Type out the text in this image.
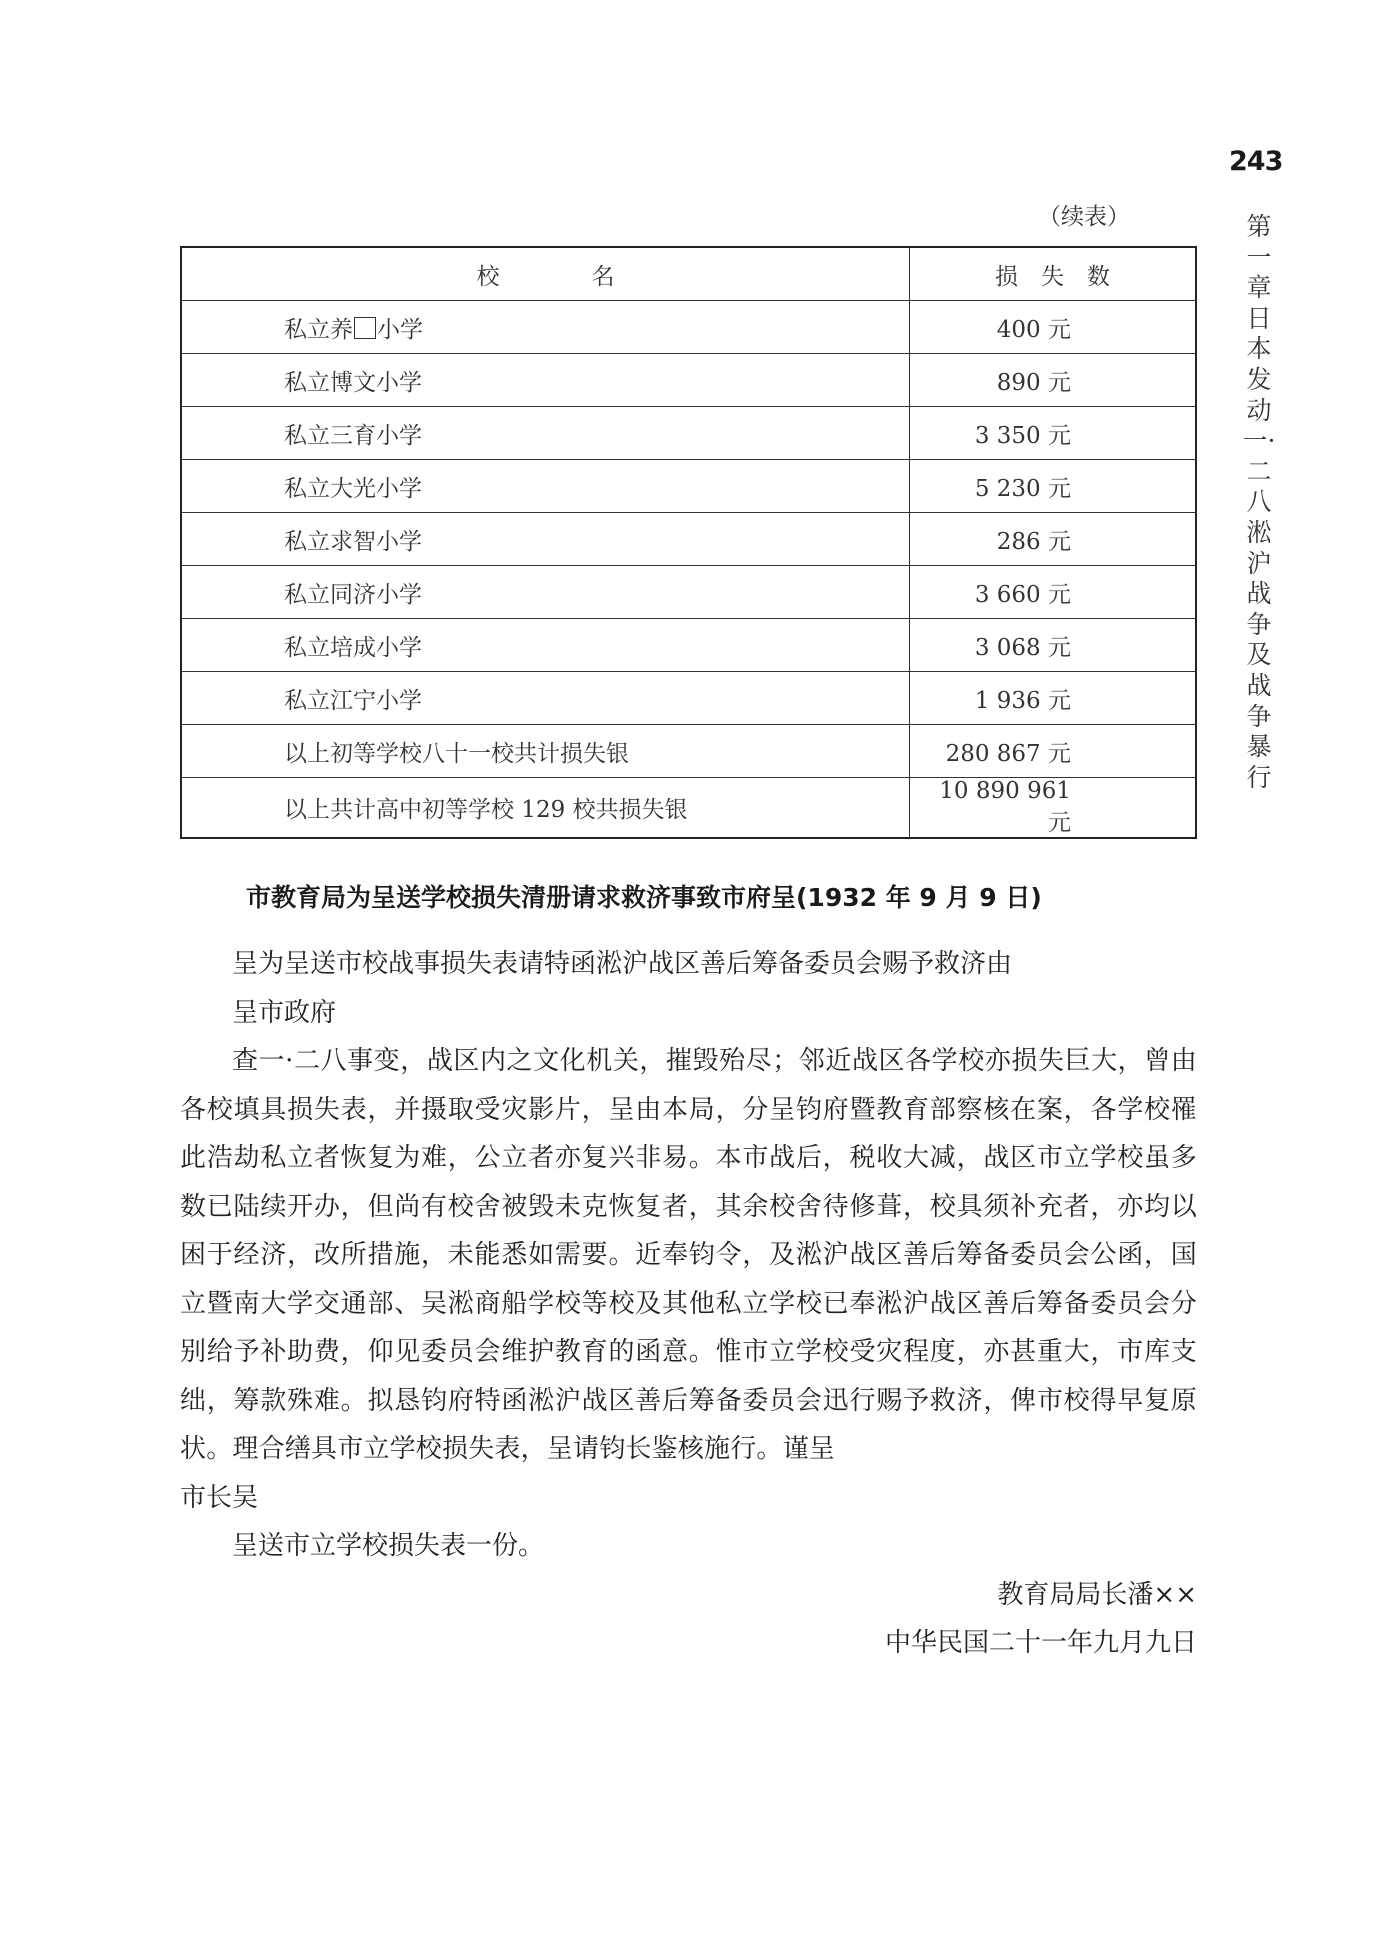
243
第一章 日本发动一·二八淞沪战争及战争暴行
（续表）
校　　　　名	损　失　数
私立养 小学	400 元
私立博文小学	890 元
私立三育小学	3 350 元
私立大光小学	5 230 元
私立求智小学	286 元
私立同济小学	3 660 元
私立培成小学	3 068 元
私立江宁小学	1 936 元
以上初等学校八十一校共计损失银	280 867 元
以上共计高中初等学校 129 校共损失银	10 890 961 元
市教育局为呈送学校损失清册请求救济事致市府呈(1932 年 9 月 9 日)

呈为呈送市校战事损失表请特函淞沪战区善后筹备委员会赐予救济由

呈市政府

查一·二八事变，战区内之文化机关，摧毁殆尽；邻近战区各学校亦损失巨大，曾由各校填具损失表，并摄取受灾影片，呈由本局，分呈钧府暨教育部察核在案，各学校罹此浩劫私立者恢复为难，公立者亦复兴非易。本市战后，税收大减，战区市立学校虽多数已陆续开办，但尚有校舍被毁未克恢复者，其余校舍待修葺，校具须补充者，亦均以困于经济，改所措施，未能悉如需要。近奉钧令，及淞沪战区善后筹备委员会公函，国立暨南大学交通部、吴淞商船学校等校及其他私立学校已奉淞沪战区善后筹备委员会分别给予补助费，仰见委员会维护教育的函意。惟市立学校受灾程度，亦甚重大，市库支绌，筹款殊难。拟恳钧府特函淞沪战区善后筹备委员会迅行赐予救济，俾市校得早复原状。理合缮具市立学校损失表，呈请钧长鉴核施行。谨呈

市长吴

呈送市立学校损失表一份。

教育局局长潘××

中华民国二十一年九月九日
